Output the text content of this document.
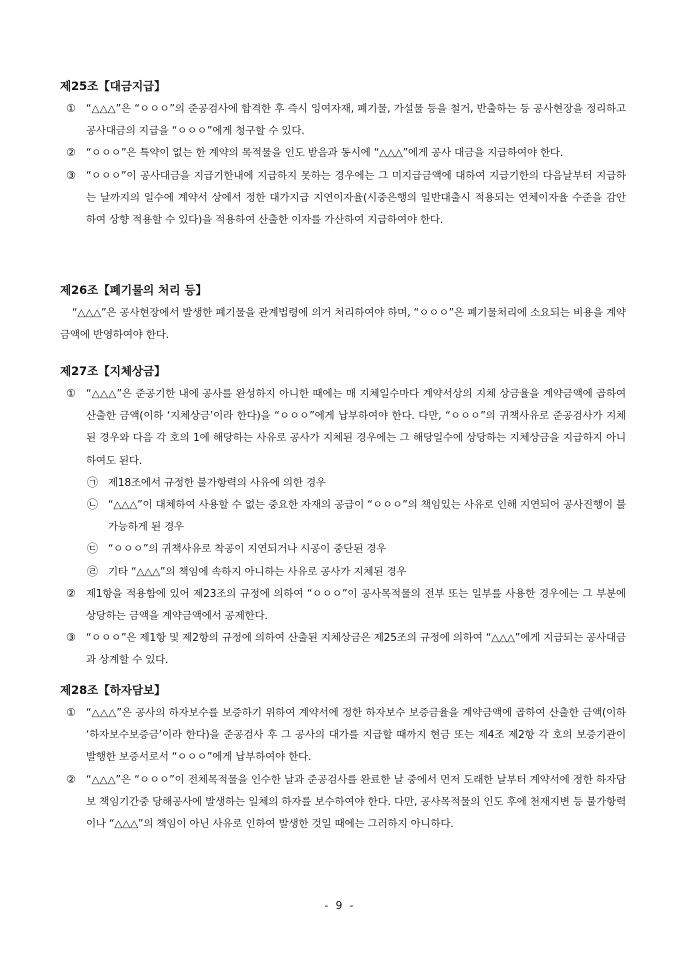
제25조【대금지급】
① “△△△”은 “ㅇㅇㅇ”의 준공검사에 합격한 후 즉시 잉여자재, 폐기물, 가설물 등을 철거, 반출하는 등 공사현장을 정리하고 공사대금의 지급을 “ㅇㅇㅇ”에게 청구할 수 있다.
② “ㅇㅇㅇ”은 특약이 없는 한 계약의 목적물을 인도 받음과 동시에 “△△△”에게 공사 대금을 지급하여야 한다.
③ “ㅇㅇㅇ”이 공사대금을 지급기한내에 지급하지 못하는 경우에는 그 미지급금액에 대하여 지급기한의 다음날부터 지급하는 날까지의 일수에 계약서 상에서 정한 대가지급 지연이자율(시중은행의 일반대출시 적용되는 연체이자율 수준을 감안 하여 상향 적용할 수 있다)을 적용하여 산출한 이자를 가산하여 지급하여야 한다.
제26조【폐기물의 처리 등】
“△△△”은 공사현장에서 발생한 폐기물을 관계법령에 의거 처리하여야 하며, “ㅇㅇㅇ”은 폐기물처리에 소요되는 비용을 계약금액에 반영하여야 한다.
제27조【지체상금】
① “△△△”은 준공기한 내에 공사를 완성하지 아니한 때에는 매 지체일수마다 계약서상의 지체 상금율을 계약금액에 곱하여 산출한 금액(이하 ‘지체상금’이라 한다)을 “ㅇㅇㅇ”에게 납부하여야 한다. 다만, “ㅇㅇㅇ”의 귀책사유로 준공검사가 지체된 경우와 다음 각 호의 1에 해당하는 사유로 공사가 지체된 경우에는 그 해당일수에 상당하는 지체상금을 지급하지 아니하여도 된다.
㉠ 제18조에서 규정한 불가항력의 사유에 의한 경우
㉡ “△△△”이 대체하여 사용할 수 없는 중요한 자재의 공급이 “ㅇㅇㅇ”의 책임있는 사유로 인해 지연되어 공사진행이 불가능하게 된 경우
㉢ “ㅇㅇㅇ”의 귀책사유로 착공이 지연되거나 시공이 중단된 경우
㉣ 기타 “△△△”의 책임에 속하지 아니하는 사유로 공사가 지체된 경우
② 제1항을 적용함에 있어 제23조의 규정에 의하여 “ㅇㅇㅇ”이 공사목적물의 전부 또는 일부를 사용한 경우에는 그 부분에 상당하는 금액을 계약금액에서 공제한다.
③ “ㅇㅇㅇ”은 제1항 및 제2항의 규정에 의하여 산출된 지체상금은 제25조의 규정에 의하여 “△△△”에게 지급되는 공사대금과 상계할 수 있다.
제28조【하자담보】
① “△△△”은 공사의 하자보수를 보증하기 위하여 계약서에 정한 하자보수 보증금율을 계약금액에 곱하여 산출한 금액(이하 ‘하자보수보증금’이라 한다)을 준공검사 후 그 공사의 대가를 지급할 때까지 현금 또는 제4조 제2항 각 호의 보증기관이 발행한 보증서로서 “ㅇㅇㅇ”에게 납부하여야 한다.
② “△△△”은 “ㅇㅇㅇ”이 전체목적물을 인수한 날과 준공검사를 완료한 날 중에서 먼저 도래한 날부터 계약서에 정한 하자담보 책임기간중 당해공사에 발생하는 일체의 하자를 보수하여야 한다. 다만, 공사목적물의 인도 후에 천재지변 등 불가항력이나 “△△△”의 책임이 아닌 사유로 인하여 발생한 것일 때에는 그러하지 아니하다.
- 9 -
